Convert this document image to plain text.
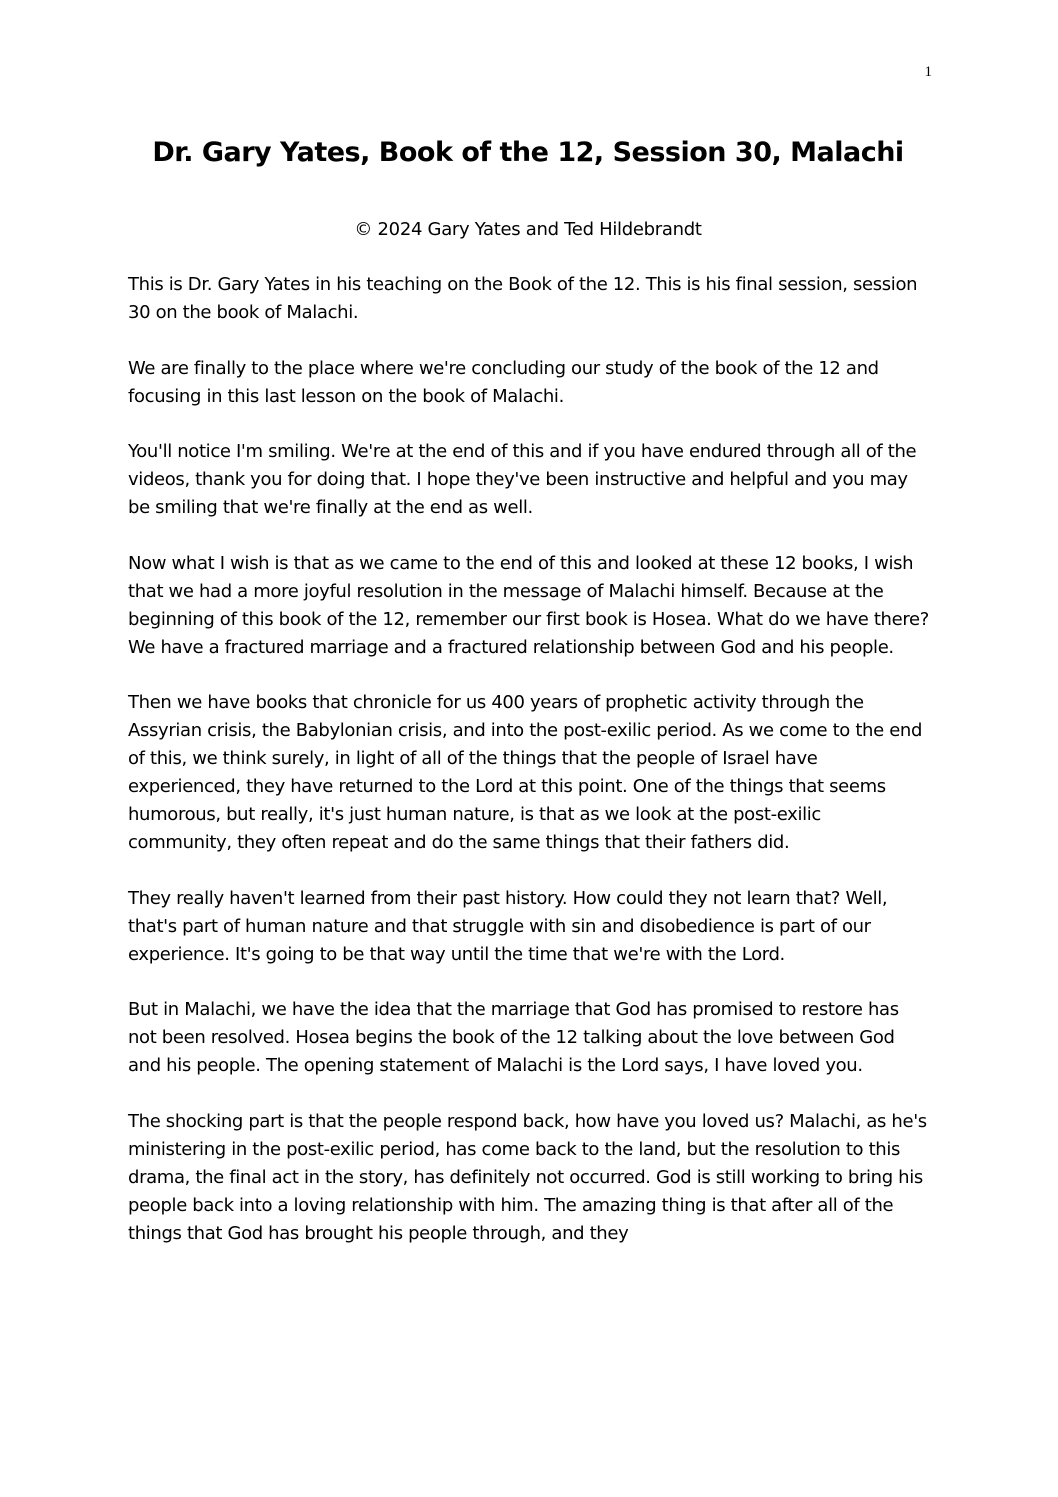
1
Dr. Gary Yates, Book of the 12, Session 30, Malachi
© 2024 Gary Yates and Ted Hildebrandt

This is Dr. Gary Yates in his teaching on the Book of the 12. This is his final session, session 30 on the book of Malachi.

We are finally to the place where we're concluding our study of the book of the 12 and focusing in this last lesson on the book of Malachi.

You'll notice I'm smiling. We're at the end of this and if you have endured through all of the videos, thank you for doing that. I hope they've been instructive and helpful and you may be smiling that we're finally at the end as well.

Now what I wish is that as we came to the end of this and looked at these 12 books, I wish that we had a more joyful resolution in the message of Malachi himself. Because at the beginning of this book of the 12, remember our first book is Hosea. What do we have there? We have a fractured marriage and a fractured relationship between God and his people.

Then we have books that chronicle for us 400 years of prophetic activity through the Assyrian crisis, the Babylonian crisis, and into the post-exilic period. As we come to the end of this, we think surely, in light of all of the things that the people of Israel have experienced, they have returned to the Lord at this point. One of the things that seems humorous, but really, it's just human nature, is that as we look at the post-exilic community, they often repeat and do the same things that their fathers did.

They really haven't learned from their past history. How could they not learn that? Well, that's part of human nature and that struggle with sin and disobedience is part of our experience. It's going to be that way until the time that we're with the Lord.

But in Malachi, we have the idea that the marriage that God has promised to restore has not been resolved. Hosea begins the book of the 12 talking about the love between God and his people. The opening statement of Malachi is the Lord says, I have loved you.

The shocking part is that the people respond back, how have you loved us? Malachi, as he's ministering in the post-exilic period, has come back to the land, but the resolution to this drama, the final act in the story, has definitely not occurred. God is still working to bring his people back into a loving relationship with him. The amazing thing is that after all of the things that God has brought his people through, and they
